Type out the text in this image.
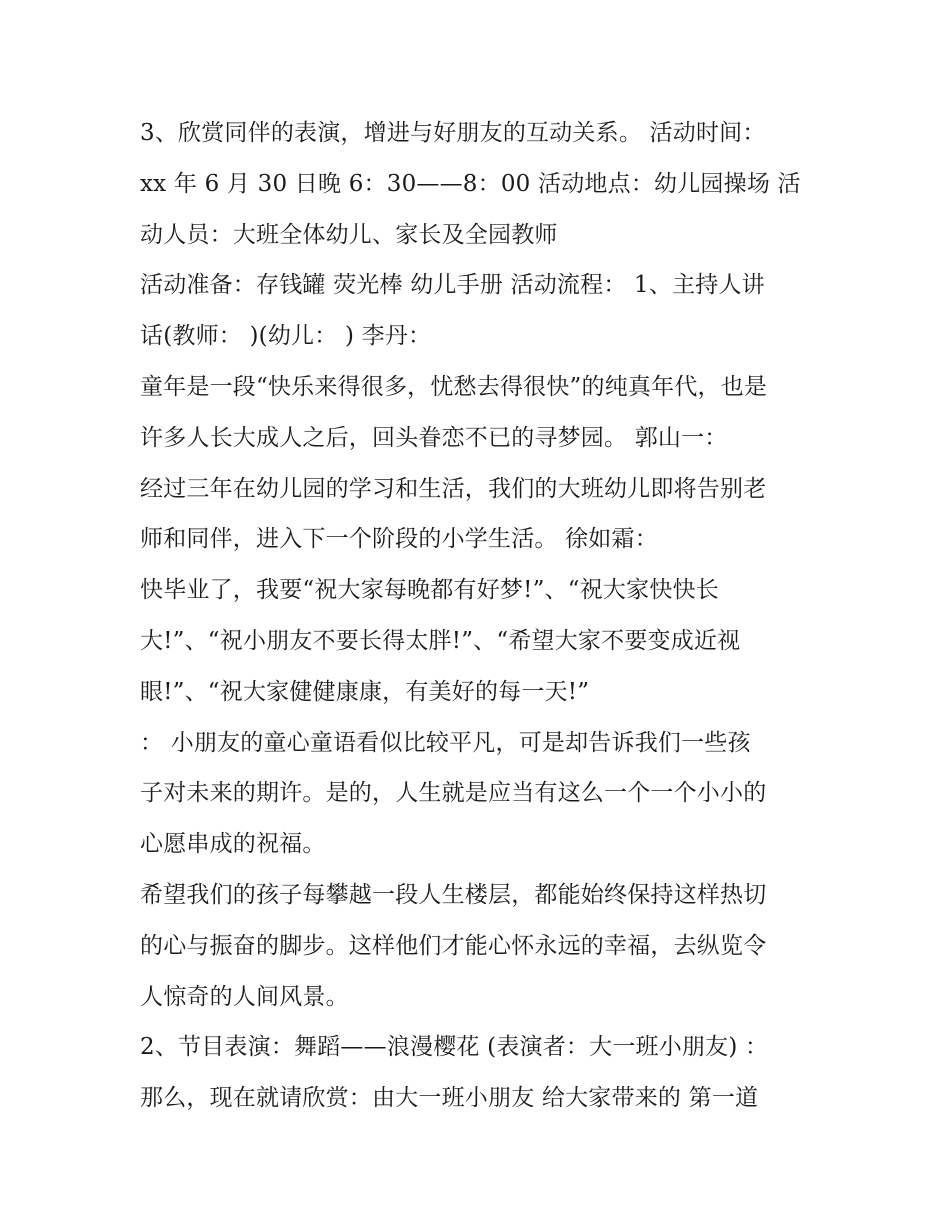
3、欣赏同伴的表演，增进与好朋友的互动关系。 活动时间：
xx 年 6 月 30 日晚 6：30——8：00 活动地点：幼儿园操场 活
动人员：大班全体幼儿、家长及全园教师
活动准备：存钱罐 荧光棒 幼儿手册 活动流程： 1、主持人讲
话(教师： )(幼儿： ) 李丹：
童年是一段“快乐来得很多，忧愁去得很快”的纯真年代，也是
许多人长大成人之后，回头眷恋不已的寻梦园。 郭山一：
经过三年在幼儿园的学习和生活，我们的大班幼儿即将告别老
师和同伴，进入下一个阶段的小学生活。 徐如霜：
快毕业了，我要“祝大家每晚都有好梦!”、“祝大家快快长
大!”、“祝小朋友不要长得太胖!”、“希望大家不要变成近视
眼!”、“祝大家健健康康，有美好的每一天!”
： 小朋友的童心童语看似比较平凡，可是却告诉我们一些孩
子对未来的期许。是的，人生就是应当有这么一个一个小小的
心愿串成的祝福。
希望我们的孩子每攀越一段人生楼层，都能始终保持这样热切
的心与振奋的脚步。这样他们才能心怀永远的幸福，去纵览令
人惊奇的人间风景。
2、节目表演：舞蹈——浪漫樱花 (表演者：大一班小朋友) ：
那么，现在就请欣赏：由大一班小朋友 给大家带来的 第一道
